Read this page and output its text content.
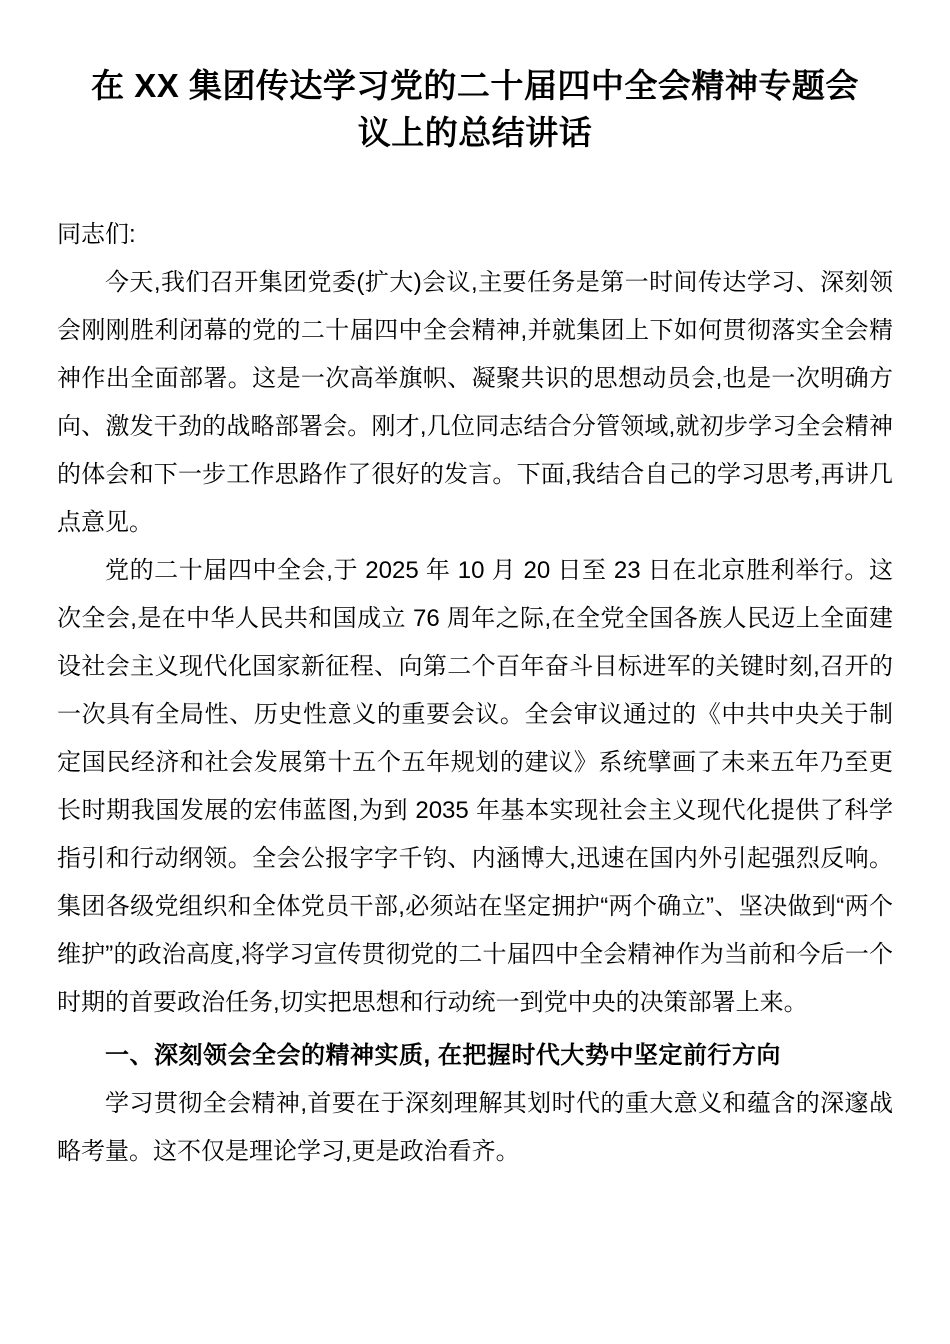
在 XX 集团传达学习党的二十届四中全会精神专题会议上的总结讲话

同志们:

今天,我们召开集团党委(扩大)会议,主要任务是第一时间传达学习、深刻领会刚刚胜利闭幕的党的二十届四中全会精神,并就集团上下如何贯彻落实全会精神作出全面部署。这是一次高举旗帜、凝聚共识的思想动员会,也是一次明确方向、激发干劲的战略部署会。刚才,几位同志结合分管领域,就初步学习全会精神的体会和下一步工作思路作了很好的发言。下面,我结合自己的学习思考,再讲几点意见。

党的二十届四中全会,于 2025 年 10 月 20 日至 23 日在北京胜利举行。这次全会,是在中华人民共和国成立 76 周年之际,在全党全国各族人民迈上全面建设社会主义现代化国家新征程、向第二个百年奋斗目标进军的关键时刻,召开的一次具有全局性、历史性意义的重要会议。全会审议通过的《中共中央关于制定国民经济和社会发展第十五个五年规划的建议》系统擘画了未来五年乃至更长时期我国发展的宏伟蓝图,为到 2035 年基本实现社会主义现代化提供了科学指引和行动纲领。全会公报字字千钧、内涵博大,迅速在国内外引起强烈反响。集团各级党组织和全体党员干部,必须站在坚定拥护“两个确立”、坚决做到“两个维护”的政治高度,将学习宣传贯彻党的二十届四中全会精神作为当前和今后一个时期的首要政治任务,切实把思想和行动统一到党中央的决策部署上来。

一、深刻领会全会的精神实质, 在把握时代大势中坚定前行方向

学习贯彻全会精神,首要在于深刻理解其划时代的重大意义和蕴含的深邃战略考量。这不仅是理论学习,更是政治看齐。
